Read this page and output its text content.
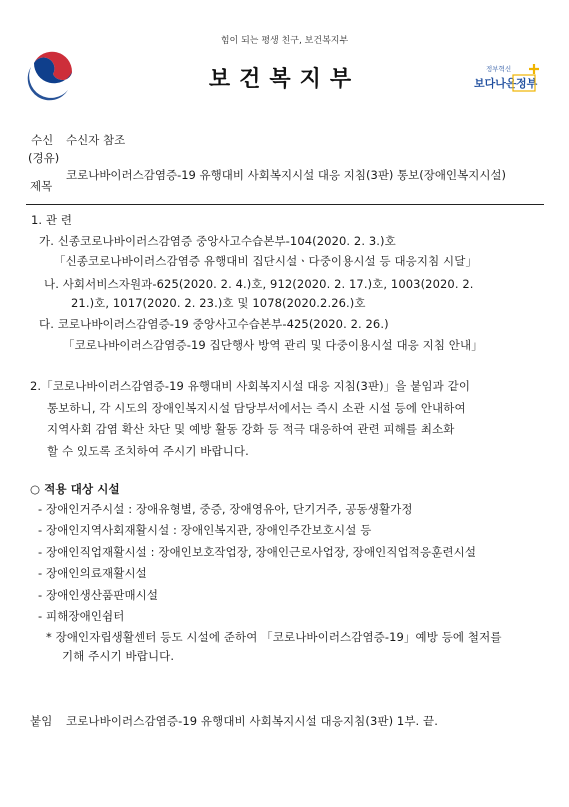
힘이 되는 평생 친구, 보건복지부
보건복지부	정부혁신
보다나은 정부
수신 수신자 참조
(경유)
제목
코로나바이러스감염증-19 유행대비 사회복지시설 대응 지침(3판) 통보(장애인복지시설)
1. 관 련
가. 신종코로나바이러스감염증 중앙사고수습본부-104(2020. 2. 3.)호
「신종코로나바이러스감염증 유행대비 집단시설ㆍ다중이용시설 등 대응지침 시달」
나. 사회서비스자원과-625(2020. 2. 4.)호, 912(2020. 2. 17.)호, 1003(2020. 2.
21.)호, 1017(2020. 2. 23.)호 및 1078(2020.2.26.)호
다. 코로나바이러스감염증-19 중앙사고수습본부-425(2020. 2. 26.)
「코로나바이러스감염증-19 집단행사 방역 관리 및 다중이용시설 대응 지침 안내」
2.「코로나바이러스감염증-19 유행대비 사회복지시설 대응 지침(3판)」을 붙임과 같이
통보하니, 각 시도의 장애인복지시설 담당부서에서는 즉시 소관 시설 등에 안내하여
지역사회 감염 확산 차단 및 예방 활동 강화 등 적극 대응하여 관련 피해를 최소화
할 수 있도록 조치하여 주시기 바랍니다.
○ 적용 대상 시설
- 장애인거주시설 : 장애유형별, 중증, 장애영유아, 단기거주, 공동생활가정
- 장애인지역사회재활시설 : 장애인복지관, 장애인주간보호시설 등
- 장애인직업재활시설 : 장애인보호작업장, 장애인근로사업장, 장애인직업적응훈련시설
- 장애인의료재활시설
- 장애인생산품판매시설
- 피해장애인쉼터
* 장애인자립생활센터 등도 시설에 준하여 「코로나바이러스감염증-19」예방 등에 철저를
기해 주시기 바랍니다.
붙임 코로나바이러스감염증-19 유행대비 사회복지시설 대응지침(3판) 1부. 끝.
